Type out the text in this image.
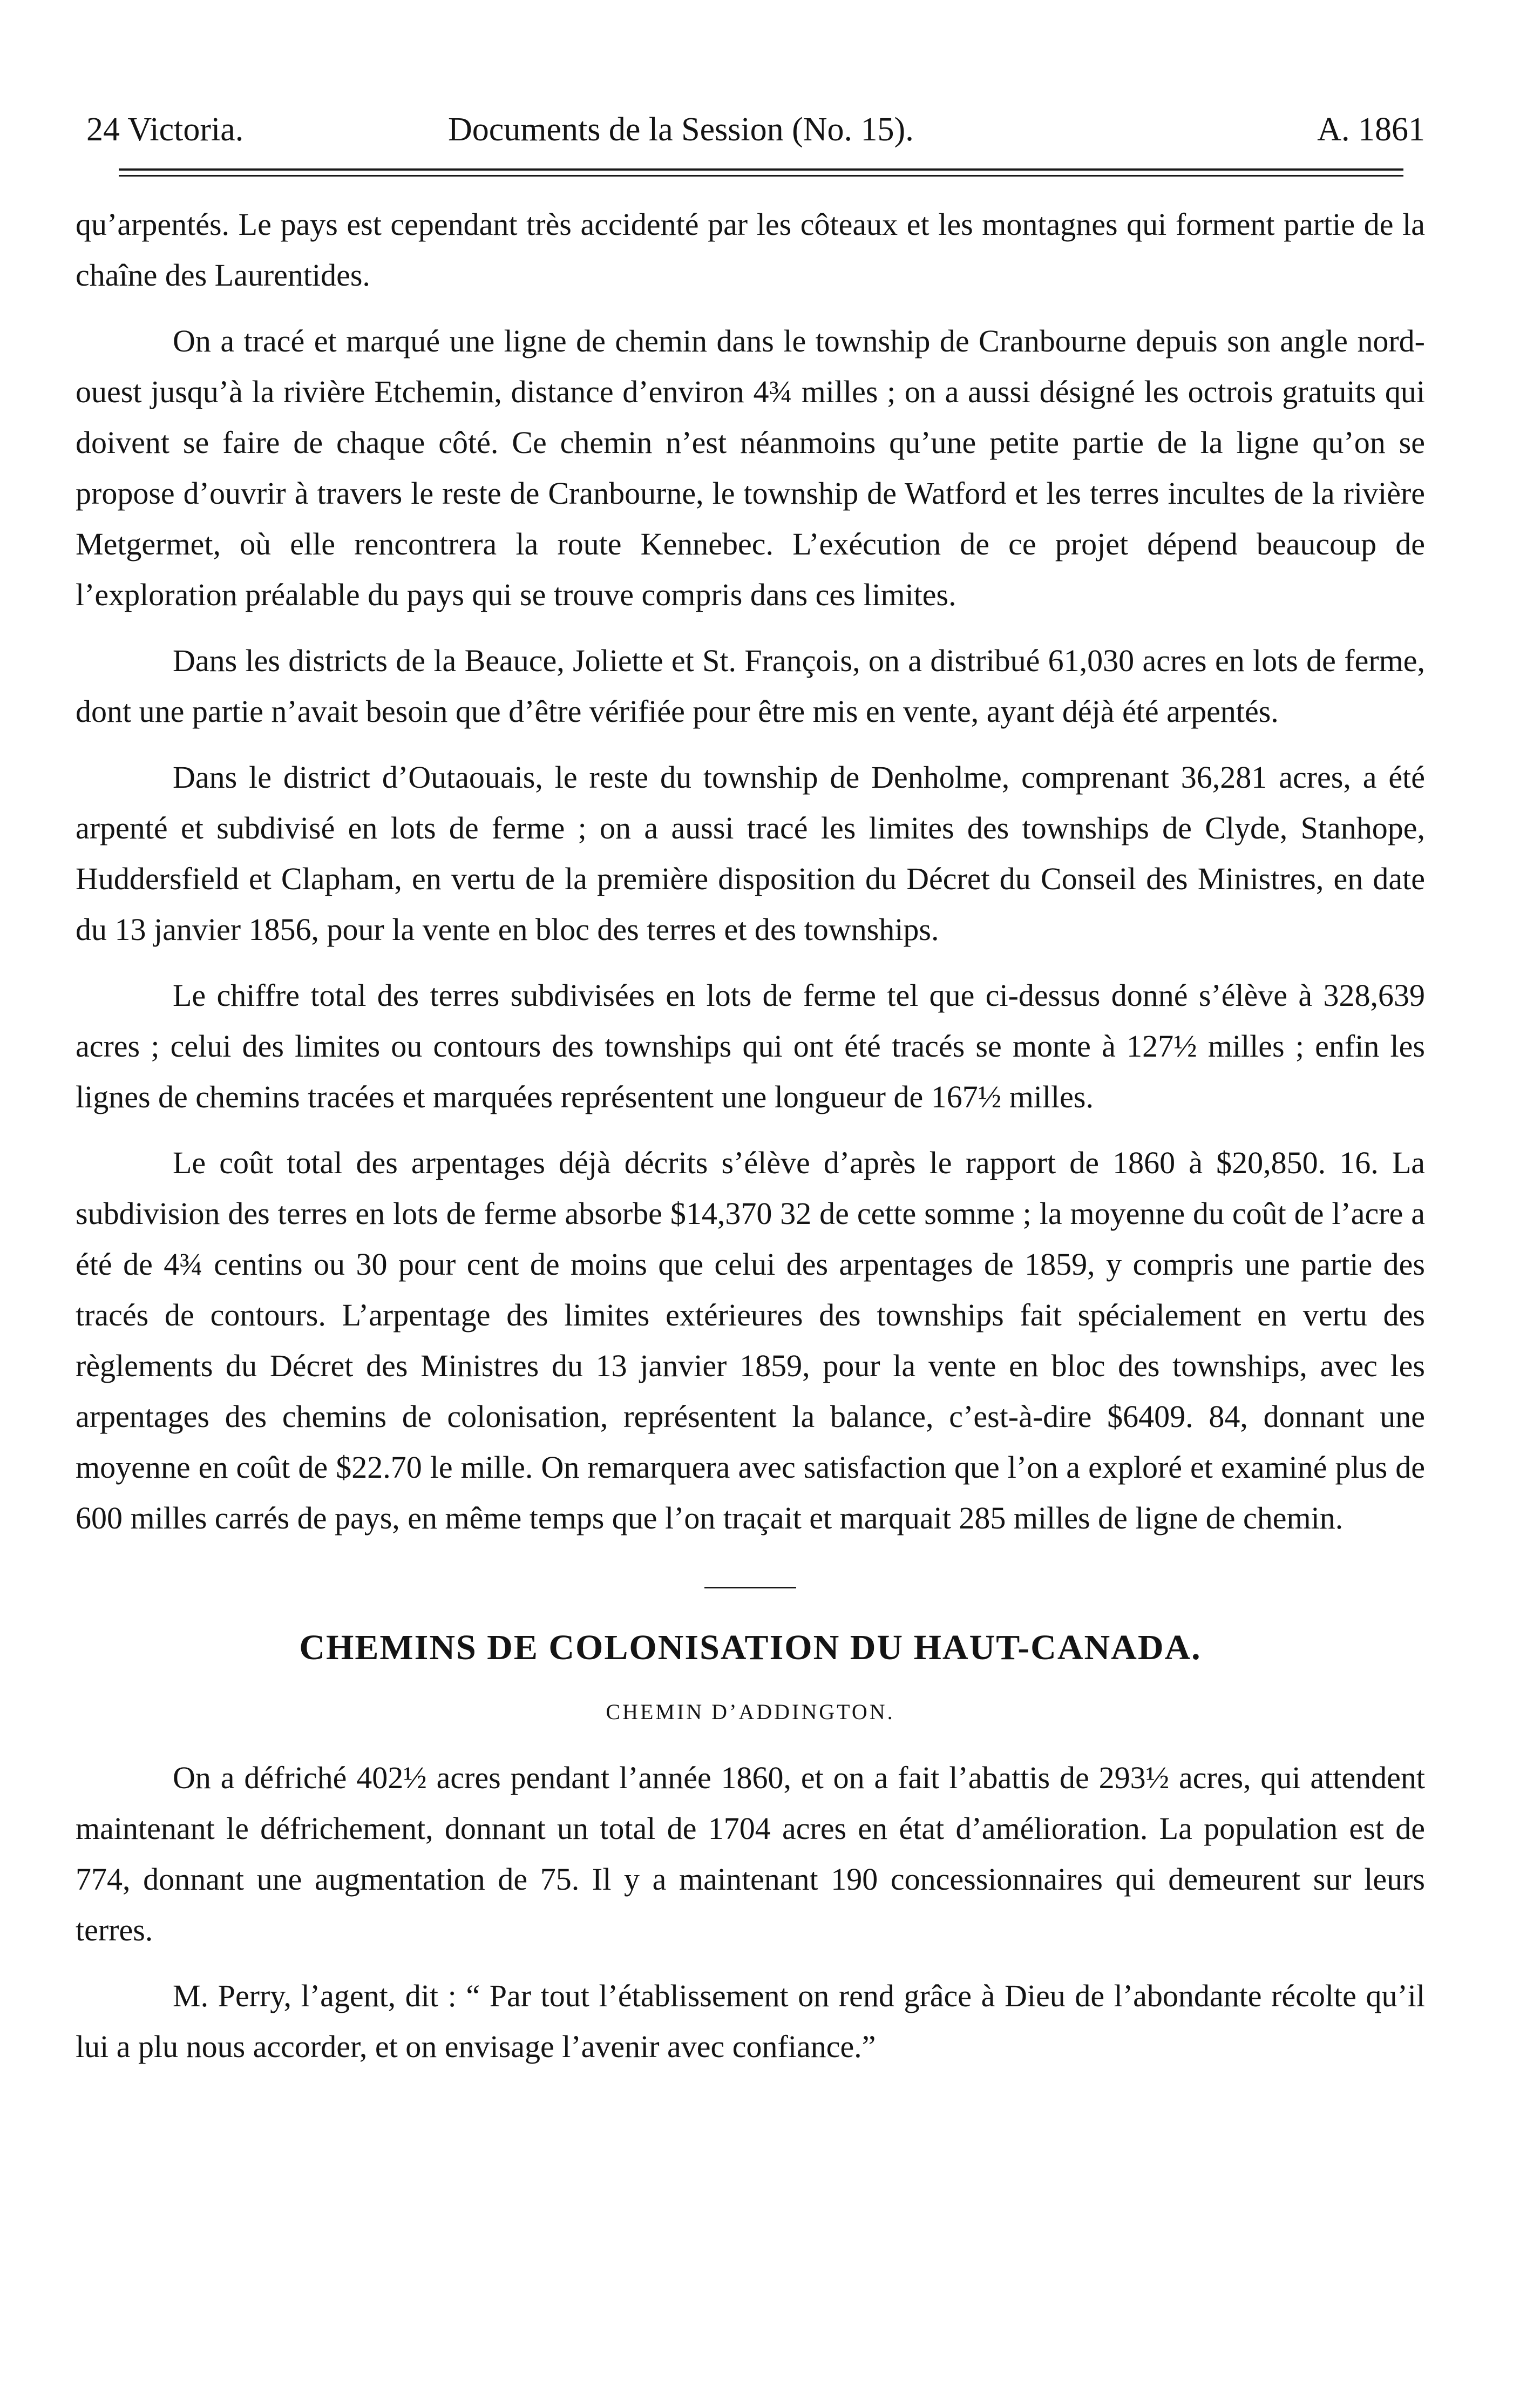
24 Victoria.	Documents de la Session (No. 15).	A. 1861

qu’arpentés. Le pays est cependant très accidenté par les côteaux et les montagnes qui forment partie de la chaîne des Laurentides.

On a tracé et marqué une ligne de chemin dans le township de Cranbourne depuis son angle nord-ouest jusqu’à la rivière Etchemin, distance d’environ 4¾ milles ; on a aussi désigné les octrois gratuits qui doivent se faire de chaque côté. Ce chemin n’est néanmoins qu’une petite partie de la ligne qu’on se propose d’ouvrir à travers le reste de Cranbourne, le township de Watford et les terres incultes de la rivière Metgermet, où elle rencontrera la route Kennebec. L’exécution de ce projet dépend beaucoup de l’exploration préalable du pays qui se trouve compris dans ces limites.

Dans les districts de la Beauce, Joliette et St. François, on a distribué 61,030 acres en lots de ferme, dont une partie n’avait besoin que d’être vérifiée pour être mis en vente, ayant déjà été arpentés.

Dans le district d’Outaouais, le reste du township de Denholme, comprenant 36,281 acres, a été arpenté et subdivisé en lots de ferme ; on a aussi tracé les limites des townships de Clyde, Stanhope, Huddersfield et Clapham, en vertu de la première disposition du Décret du Conseil des Ministres, en date du 13 janvier 1856, pour la vente en bloc des terres et des townships.

Le chiffre total des terres subdivisées en lots de ferme tel que ci-dessus donné s’élève à 328,639 acres ; celui des limites ou contours des townships qui ont été tracés se monte à 127½ milles ; enfin les lignes de chemins tracées et marquées représentent une longueur de 167½ milles.

Le coût total des arpentages déjà décrits s’élève d’après le rapport de 1860 à $20,850. 16. La subdivision des terres en lots de ferme absorbe $14,370 32 de cette somme ; la moyenne du coût de l’acre a été de 4¾ centins ou 30 pour cent de moins que celui des arpentages de 1859, y compris une partie des tracés de contours. L’arpentage des limites extérieures des townships fait spécialement en vertu des règlements du Décret des Ministres du 13 janvier 1859, pour la vente en bloc des townships, avec les arpentages des chemins de colonisation, représentent la balance, c’est-à-dire $6409. 84, donnant une moyenne en coût de $22.70 le mille. On remarquera avec satisfaction que l’on a exploré et examiné plus de 600 milles carrés de pays, en même temps que l’on traçait et marquait 285 milles de ligne de chemin.

CHEMINS DE COLONISATION DU HAUT-CANADA.
CHEMIN D’ADDINGTON.

On a défriché 402½ acres pendant l’année 1860, et on a fait l’abattis de 293½ acres, qui attendent maintenant le défrichement, donnant un total de 1704 acres en état d’amélioration. La population est de 774, donnant une augmentation de 75. Il y a maintenant 190 concessionnaires qui demeurent sur leurs terres.

M. Perry, l’agent, dit : “ Par tout l’établissement on rend grâce à Dieu de l’abondante récolte qu’il lui a plu nous accorder, et on envisage l’avenir avec confiance.”
